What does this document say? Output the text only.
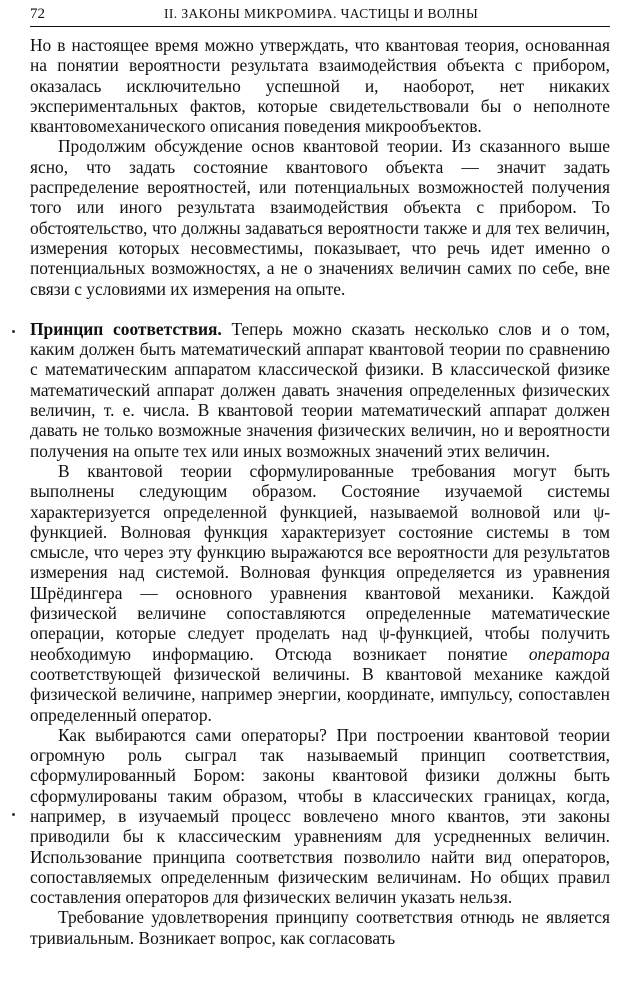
72	II. ЗАКОНЫ МИКРОМИРА. ЧАСТИЦЫ И ВОЛНЫ

Но в настоящее время можно утверждать, что квантовая теория, основанная на понятии вероятности результата взаимодействия объекта с прибором, оказалась исключительно успешной и, наоборот, нет никаких экспериментальных фактов, которые свидетельствовали бы о неполноте квантовомеханического описания поведения микрообъектов.

Продолжим обсуждение основ квантовой теории. Из сказанного выше ясно, что задать состояние квантового объекта — значит задать распределение вероятностей, или потенциальных возможностей получения того или иного результата взаимодействия объекта с прибором. То обстоятельство, что должны задаваться вероятности также и для тех величин, измерения которых несовместимы, показывает, что речь идет именно о потенциальных возможностях, а не о значениях величин самих по себе, вне связи с условиями их измерения на опыте.

Принцип соответствия. Теперь можно сказать несколько слов и о том, каким должен быть математический аппарат квантовой теории по сравнению с математическим аппаратом классической физики. В классической физике математический аппарат должен давать значения определенных физических величин, т. е. числа. В квантовой теории математический аппарат должен давать не только возможные значения физических величин, но и вероятности получения на опыте тех или иных возможных значений этих величин.

В квантовой теории сформулированные требования могут быть выполнены следующим образом. Состояние изучаемой системы характеризуется определенной функцией, называемой волновой или ψ-функцией. Волновая функция характеризует состояние системы в том смысле, что через эту функцию выражаются все вероятности для результатов измерения над системой. Волновая функция определяется из уравнения Шрёдингера — основного уравнения квантовой механики. Каждой физической величине сопоставляются определенные математические операции, которые следует проделать над ψ-функцией, чтобы получить необходимую информацию. Отсюда возникает понятие оператора соответствующей физической величины. В квантовой механике каждой физической величине, например энергии, координате, импульсу, сопоставлен определенный оператор.

Как выбираются сами операторы? При построении квантовой теории огромную роль сыграл так называемый принцип соответствия, сформулированный Бором: законы квантовой физики должны быть сформулированы таким образом, чтобы в классических границах, когда, например, в изучаемый процесс вовлечено много квантов, эти законы приводили бы к классическим уравнениям для усредненных величин. Использование принципа соответствия позволило найти вид операторов, сопоставляемых определенным физическим величинам. Но общих правил составления операторов для физических величин указать нельзя.

Требование удовлетворения принципу соответствия отнюдь не является тривиальным. Возникает вопрос, как согласовать
